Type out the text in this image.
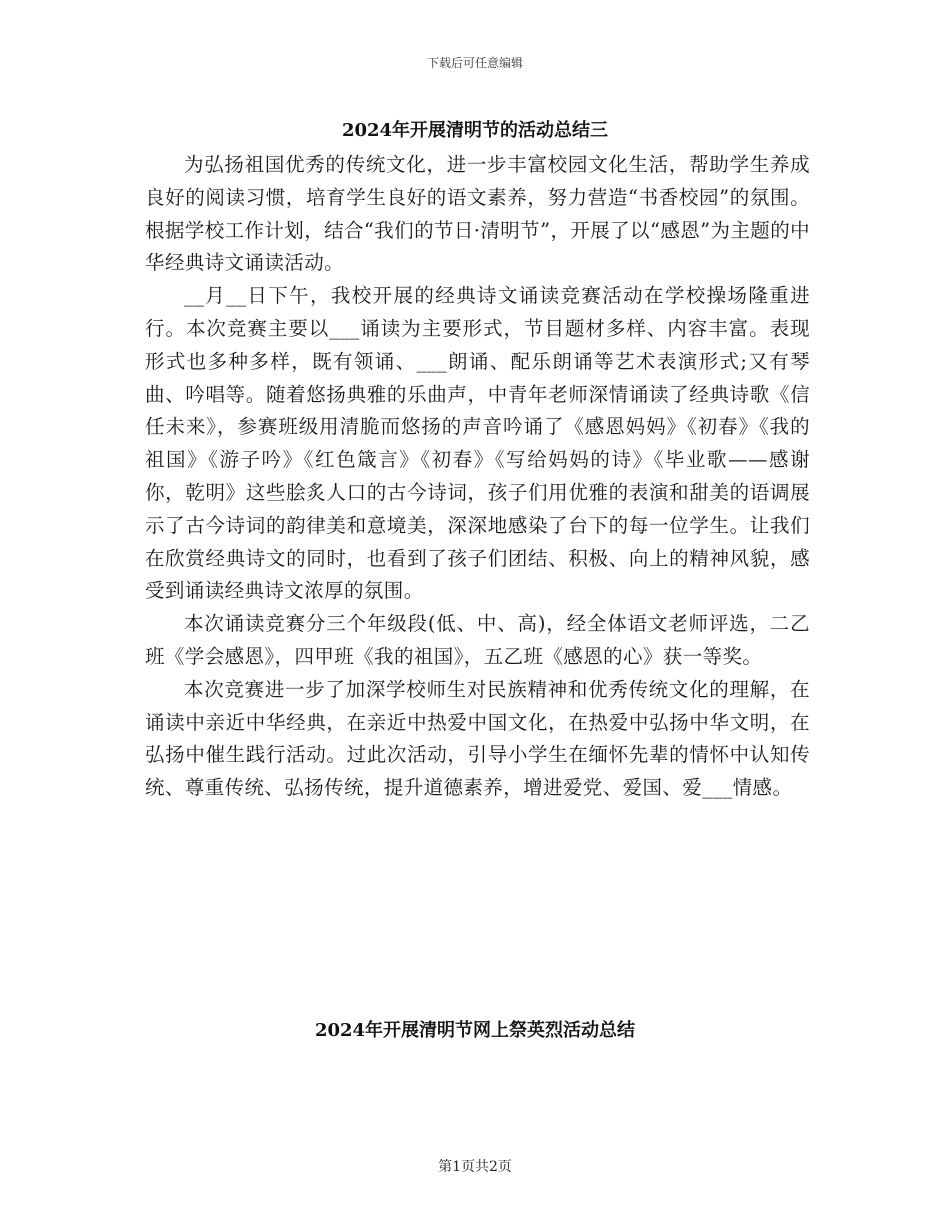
下载后可任意编辑
2024年开展清明节的活动总结三

为弘扬祖国优秀的传统文化，进一步丰富校园文化生活，帮助学生养成良好的阅读习惯，培育学生良好的语文素养，努力营造“书香校园”的氛围。根据学校工作计划，结合“我们的节日·清明节”，开展了以“感恩”为主题的中华经典诗文诵读活动。

__月__日下午，我校开展的经典诗文诵读竞赛活动在学校操场隆重进行。本次竞赛主要以___诵读为主要形式，节目题材多样、内容丰富。表现形式也多种多样，既有领诵、___朗诵、配乐朗诵等艺术表演形式;又有琴曲、吟唱等。随着悠扬典雅的乐曲声，中青年老师深情诵读了经典诗歌《信任未来》，参赛班级用清脆而悠扬的声音吟诵了《感恩妈妈》《初春》《我的祖国》《游子吟》《红色箴言》《初春》《写给妈妈的诗》《毕业歌——感谢你，乾明》这些脍炙人口的古今诗词，孩子们用优雅的表演和甜美的语调展示了古今诗词的韵律美和意境美，深深地感染了台下的每一位学生。让我们在欣赏经典诗文的同时，也看到了孩子们团结、积极、向上的精神风貌，感受到诵读经典诗文浓厚的氛围。

本次诵读竞赛分三个年级段(低、中、高)，经全体语文老师评选，二乙班《学会感恩》，四甲班《我的祖国》，五乙班《感恩的心》获一等奖。

本次竞赛进一步了加深学校师生对民族精神和优秀传统文化的理解，在诵读中亲近中华经典，在亲近中热爱中国文化，在热爱中弘扬中华文明，在弘扬中催生践行活动。过此次活动，引导小学生在缅怀先辈的情怀中认知传统、尊重传统、弘扬传统，提升道德素养，增进爱党、爱国、爱___情感。

2024年开展清明节网上祭英烈活动总结
第1页共2页
